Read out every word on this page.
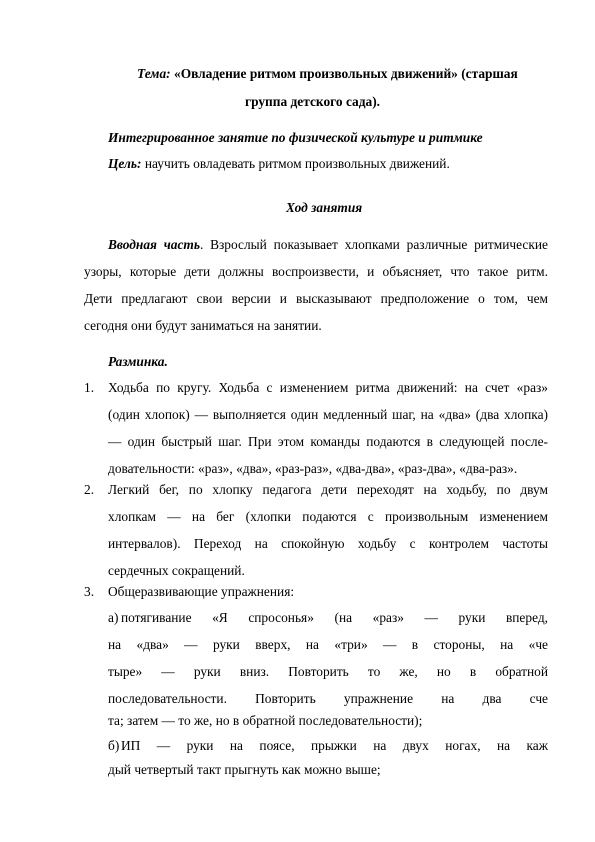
Тема: «Овладение ритмом произвольных движений» (старшая
группа детского сада).
Интегрированное занятие по физической культуре и ритмике
Цель: научить овладевать ритмом произвольных движений.
Ход занятия
Вводная часть. Взрослый показывает хлопками различные ритмические
узоры, которые дети должны воспроизвести, и объясняет, что такое ритм.
Дети предлагают свои версии и высказывают предположение о том, чем
сегодня они будут заниматься на занятии.
Разминка.
1. Ходьба по кругу. Ходьба с изменением ритма движений: на счет «раз»
(один хлопок) — выполняется один медленный шаг, на «два» (два хлопка)
— один быстрый шаг. При этом команды подаются в следующей после-
довательности: «раз», «два», «раз-раз», «два-два», «раз-два», «два-раз».
2. Легкий бег, по хлопку педагога дети переходят на ходьбу, по двум
хлопкам — на бег (хлопки подаются с произвольным изменением
интервалов). Переход на спокойную ходьбу с контролем частоты
сердечных сокращений.
3. Общеразвивающие упражнения:
а) потягивание «Я спросонья» (на «раз» — руки вперед,
на «два» — руки вверх, на «три» — в стороны, на «че
тыре» — руки вниз. Повторить то же, но в обратной
последовательности. Повторить упражнение на два сче
та; затем — то же, но в обратной последовательности);
б) ИП — руки на поясе, прыжки на двух ногах, на каж
дый четвертый такт прыгнуть как можно выше;
